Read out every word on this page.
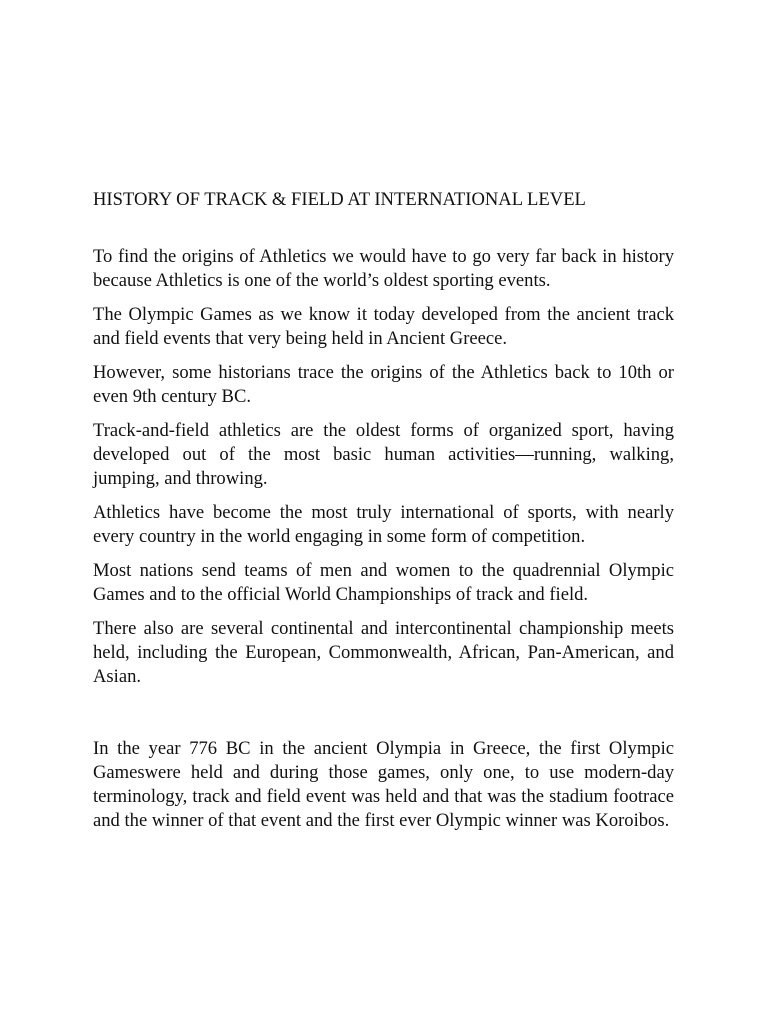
HISTORY OF TRACK & FIELD AT INTERNATIONAL LEVEL

To find the origins of Athletics we would have to go very far back in history because Athletics is one of the world’s oldest sporting events.

The Olympic Games as we know it today developed from the ancient track and field events that very being held in Ancient Greece.

However, some historians trace the origins of the Athletics back to 10th or even 9th century BC.

Track-and-field athletics are the oldest forms of organized sport, having developed out of the most basic human activities—running, walking, jumping, and throwing.

Athletics have become the most truly international of sports, with nearly every country in the world engaging in some form of competition.

Most nations send teams of men and women to the quadrennial Olympic Games and to the official World Championships of track and field.

There also are several continental and intercontinental championship meets held, including the European, Commonwealth, African, Pan-American, and Asian.

In the year 776 BC in the ancient Olympia in Greece, the first Olympic Gameswere held and during those games, only one, to use modern-day terminology, track and field event was held and that was the stadium footrace and the winner of that event and the first ever Olympic winner was Koroibos.
